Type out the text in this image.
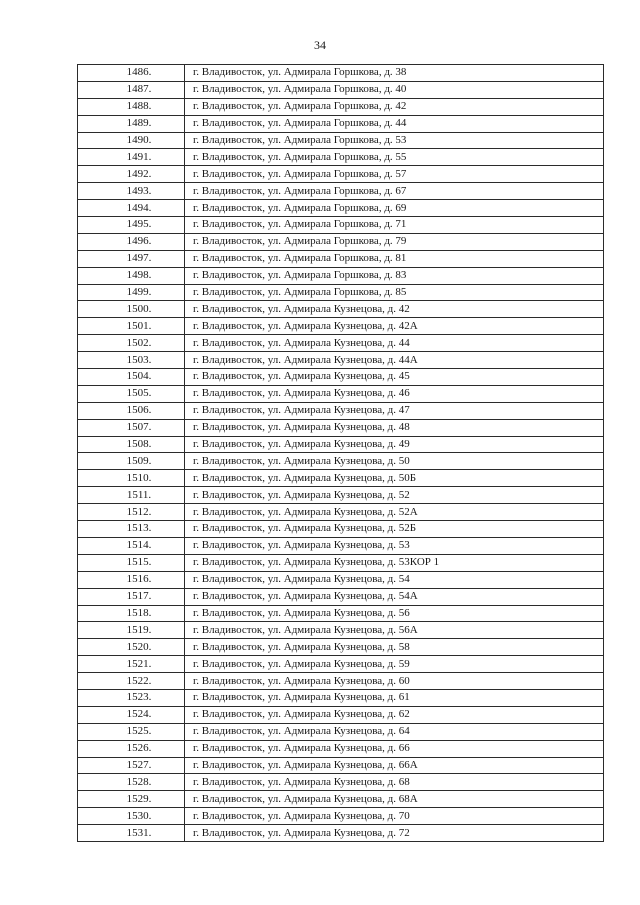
34
1486.	г. Владивосток, ул. Адмирала Горшкова, д. 38
1487.	г. Владивосток, ул. Адмирала Горшкова, д. 40
1488.	г. Владивосток, ул. Адмирала Горшкова, д. 42
1489.	г. Владивосток, ул. Адмирала Горшкова, д. 44
1490.	г. Владивосток, ул. Адмирала Горшкова, д. 53
1491.	г. Владивосток, ул. Адмирала Горшкова, д. 55
1492.	г. Владивосток, ул. Адмирала Горшкова, д. 57
1493.	г. Владивосток, ул. Адмирала Горшкова, д. 67
1494.	г. Владивосток, ул. Адмирала Горшкова, д. 69
1495.	г. Владивосток, ул. Адмирала Горшкова, д. 71
1496.	г. Владивосток, ул. Адмирала Горшкова, д. 79
1497.	г. Владивосток, ул. Адмирала Горшкова, д. 81
1498.	г. Владивосток, ул. Адмирала Горшкова, д. 83
1499.	г. Владивосток, ул. Адмирала Горшкова, д. 85
1500.	г. Владивосток, ул. Адмирала Кузнецова, д. 42
1501.	г. Владивосток, ул. Адмирала Кузнецова, д. 42А
1502.	г. Владивосток, ул. Адмирала Кузнецова, д. 44
1503.	г. Владивосток, ул. Адмирала Кузнецова, д. 44А
1504.	г. Владивосток, ул. Адмирала Кузнецова, д. 45
1505.	г. Владивосток, ул. Адмирала Кузнецова, д. 46
1506.	г. Владивосток, ул. Адмирала Кузнецова, д. 47
1507.	г. Владивосток, ул. Адмирала Кузнецова, д. 48
1508.	г. Владивосток, ул. Адмирала Кузнецова, д. 49
1509.	г. Владивосток, ул. Адмирала Кузнецова, д. 50
1510.	г. Владивосток, ул. Адмирала Кузнецова, д. 50Б
1511.	г. Владивосток, ул. Адмирала Кузнецова, д. 52
1512.	г. Владивосток, ул. Адмирала Кузнецова, д. 52А
1513.	г. Владивосток, ул. Адмирала Кузнецова, д. 52Б
1514.	г. Владивосток, ул. Адмирала Кузнецова, д. 53
1515.	г. Владивосток, ул. Адмирала Кузнецова, д. 53КОР 1
1516.	г. Владивосток, ул. Адмирала Кузнецова, д. 54
1517.	г. Владивосток, ул. Адмирала Кузнецова, д. 54А
1518.	г. Владивосток, ул. Адмирала Кузнецова, д. 56
1519.	г. Владивосток, ул. Адмирала Кузнецова, д. 56А
1520.	г. Владивосток, ул. Адмирала Кузнецова, д. 58
1521.	г. Владивосток, ул. Адмирала Кузнецова, д. 59
1522.	г. Владивосток, ул. Адмирала Кузнецова, д. 60
1523.	г. Владивосток, ул. Адмирала Кузнецова, д. 61
1524.	г. Владивосток, ул. Адмирала Кузнецова, д. 62
1525.	г. Владивосток, ул. Адмирала Кузнецова, д. 64
1526.	г. Владивосток, ул. Адмирала Кузнецова, д. 66
1527.	г. Владивосток, ул. Адмирала Кузнецова, д. 66А
1528.	г. Владивосток, ул. Адмирала Кузнецова, д. 68
1529.	г. Владивосток, ул. Адмирала Кузнецова, д. 68А
1530.	г. Владивосток, ул. Адмирала Кузнецова, д. 70
1531.	г. Владивосток, ул. Адмирала Кузнецова, д. 72
